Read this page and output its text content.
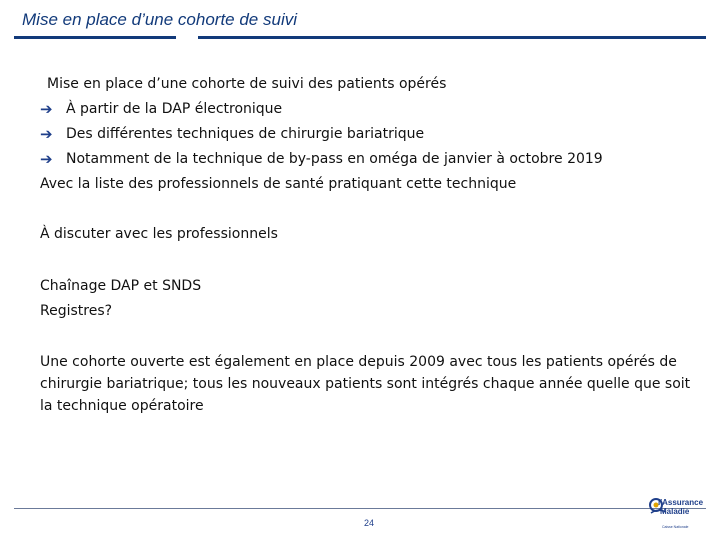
Mise en place d’une cohorte de suivi
Mise en place d’une cohorte de suivi des patients opérés
➔ À partir de la DAP électronique
➔ Des différentes techniques de chirurgie bariatrique
➔ Notamment de la technique de by-pass en oméga de janvier à octobre 2019
Avec la liste des professionnels de santé pratiquant cette technique
À discuter avec les professionnels
Chaînage DAP et SNDS
Registres?
Une cohorte ouverte est également en place depuis 2009 avec tous les patients opérés de chirurgie bariatrique; tous les nouveaux patients sont intégrés chaque année quelle que soit la technique opératoire
24
l'Assurance
Maladie
Caisse Nationale
